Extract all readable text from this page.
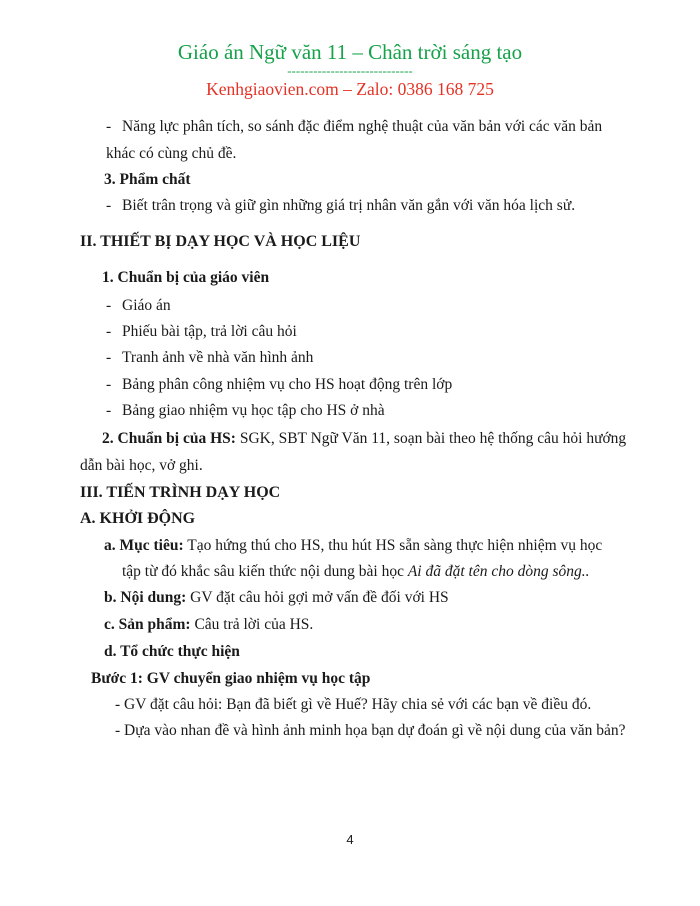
Giáo án Ngữ văn 11 – Chân trời sáng tạo
-----------------------------
Kenhgiaovien.com – Zalo: 0386 168 725
- Năng lực phân tích, so sánh đặc điểm nghệ thuật của văn bản với các văn bản
khác có cùng chủ đề.
3. Phẩm chất
- Biết trân trọng và giữ gìn những giá trị nhân văn gắn với văn hóa lịch sử.
II. THIẾT BỊ DẠY HỌC VÀ HỌC LIỆU
1. Chuẩn bị của giáo viên
- Giáo án
- Phiếu bài tập, trả lời câu hỏi
- Tranh ảnh về nhà văn hình ảnh
- Bảng phân công nhiệm vụ cho HS hoạt động trên lớp
- Bảng giao nhiệm vụ học tập cho HS ở nhà
2. Chuẩn bị của HS: SGK, SBT Ngữ Văn 11, soạn bài theo hệ thống câu hỏi hướng
dẫn bài học, vở ghi.
III. TIẾN TRÌNH DẠY HỌC
A. KHỞI ĐỘNG
a. Mục tiêu: Tạo hứng thú cho HS, thu hút HS sẵn sàng thực hiện nhiệm vụ học
tập từ đó khắc sâu kiến thức nội dung bài học Ai đã đặt tên cho dòng sông..
b. Nội dung: GV đặt câu hỏi gợi mở vấn đề đối với HS
c. Sản phẩm: Câu trả lời của HS.
d. Tổ chức thực hiện
Bước 1: GV chuyển giao nhiệm vụ học tập
- GV đặt câu hỏi: Bạn đã biết gì về Huế? Hãy chia sẻ với các bạn về điều đó.
- Dựa vào nhan đề và hình ảnh minh họa bạn dự đoán gì về nội dung của văn bản?
4
